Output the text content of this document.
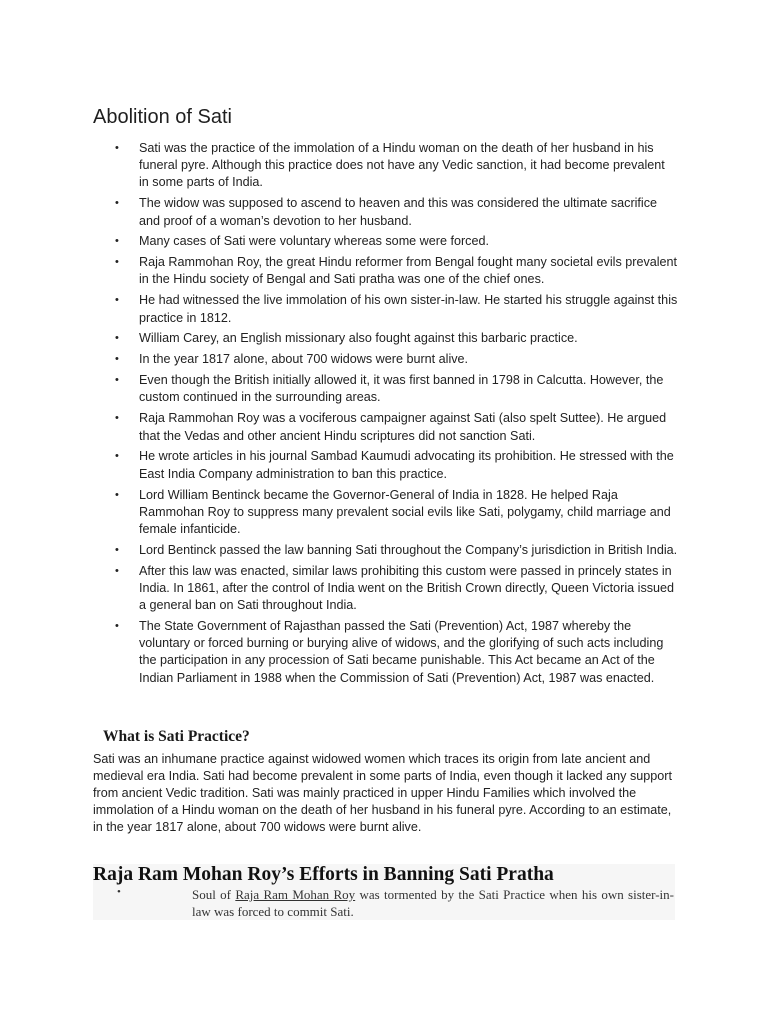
Abolition of Sati
• Sati was the practice of the immolation of a Hindu woman on the death of her husband in his funeral pyre. Although this practice does not have any Vedic sanction, it had become prevalent in some parts of India.
• The widow was supposed to ascend to heaven and this was considered the ultimate sacrifice and proof of a woman’s devotion to her husband.
• Many cases of Sati were voluntary whereas some were forced.
• Raja Rammohan Roy, the great Hindu reformer from Bengal fought many societal evils prevalent in the Hindu society of Bengal and Sati pratha was one of the chief ones.
• He had witnessed the live immolation of his own sister-in-law. He started his struggle against this practice in 1812.
• William Carey, an English missionary also fought against this barbaric practice.
• In the year 1817 alone, about 700 widows were burnt alive.
• Even though the British initially allowed it, it was first banned in 1798 in Calcutta. However, the custom continued in the surrounding areas.
• Raja Rammohan Roy was a vociferous campaigner against Sati (also spelt Suttee). He argued that the Vedas and other ancient Hindu scriptures did not sanction Sati.
• He wrote articles in his journal Sambad Kaumudi advocating its prohibition. He stressed with the East India Company administration to ban this practice.
• Lord William Bentinck became the Governor-General of India in 1828. He helped Raja Rammohan Roy to suppress many prevalent social evils like Sati, polygamy, child marriage and female infanticide.
• Lord Bentinck passed the law banning Sati throughout the Company’s jurisdiction in British India.
• After this law was enacted, similar laws prohibiting this custom were passed in princely states in India. In 1861, after the control of India went on the British Crown directly, Queen Victoria issued a general ban on Sati throughout India.
• The State Government of Rajasthan passed the Sati (Prevention) Act, 1987 whereby the voluntary or forced burning or burying alive of widows, and the glorifying of such acts including the participation in any procession of Sati became punishable. This Act became an Act of the Indian Parliament in 1988 when the Commission of Sati (Prevention) Act, 1987 was enacted.
What is Sati Practice?

Sati was an inhumane practice against widowed women which traces its origin from late ancient and medieval era India. Sati had become prevalent in some parts of India, even though it lacked any support from ancient Vedic tradition. Sati was mainly practiced in upper Hindu Families which involved the immolation of a Hindu woman on the death of her husband in his funeral pyre. According to an estimate, in the year 1817 alone, about 700 widows were burnt alive.

Raja Ram Mohan Roy’s Efforts in Banning Sati Pratha
•	Soul of Raja Ram Mohan Roy was tormented by the Sati Practice when his own sister-in-law was forced to commit Sati.
